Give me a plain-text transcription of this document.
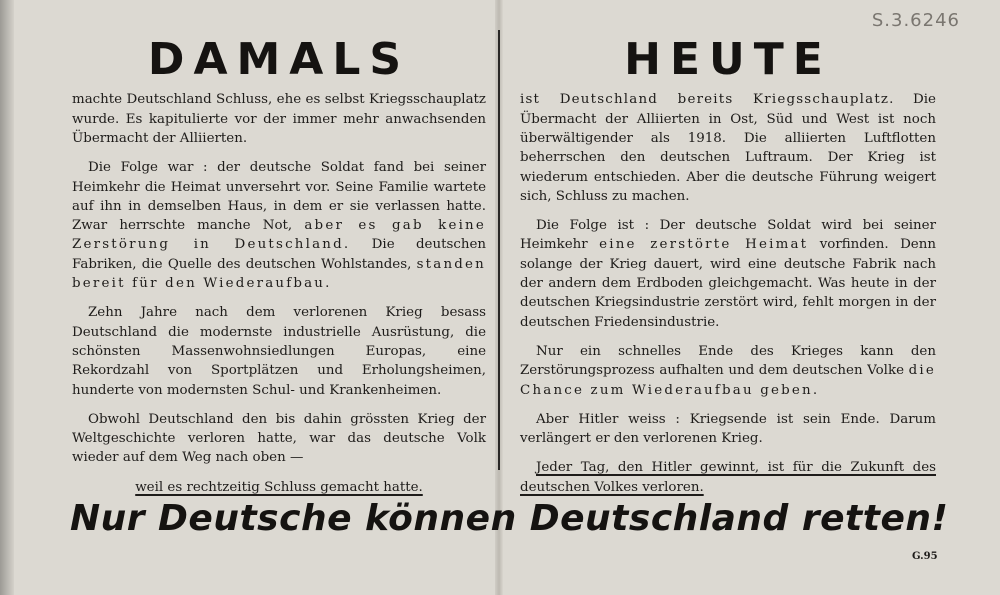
S.3.6246
DAMALS

machte Deutschland Schluss, ehe es selbst Kriegsschauplatz wurde. Es kapitulierte vor der immer mehr anwachsenden Übermacht der Alliierten.

Die Folge war : der deutsche Soldat fand bei seiner Heimkehr die Heimat unversehrt vor. Seine Familie wartete auf ihn in demselben Haus, in dem er sie verlassen hatte. Zwar herrschte manche Not, aber es gab keine Zerstörung in Deutschland. Die deutschen Fabriken, die Quelle des deutschen Wohlstandes, standen bereit für den Wiederaufbau.

Zehn Jahre nach dem verlorenen Krieg besass Deutschland die modernste industrielle Ausrüstung, die schönsten Massenwohnsiedlungen Europas, eine Rekordzahl von Sportplätzen und Erholungsheimen, hunderte von modernsten Schul- und Krankenheimen.

Obwohl Deutschland den bis dahin grössten Krieg der Weltgeschichte verloren hatte, war das deutsche Volk wieder auf dem Weg nach oben —

weil es rechtzeitig Schluss gemacht hatte.

HEUTE

ist Deutschland bereits Kriegsschauplatz. Die Übermacht der Alliierten in Ost, Süd und West ist noch überwältigender als 1918. Die alliierten Luftflotten beherrschen den deutschen Luftraum. Der Krieg ist wiederum entschieden. Aber die deutsche Führung weigert sich, Schluss zu machen.

Die Folge ist : Der deutsche Soldat wird bei seiner Heimkehr eine zerstörte Heimat vorfinden. Denn solange der Krieg dauert, wird eine deutsche Fabrik nach der andern dem Erdboden gleichgemacht. Was heute in der deutschen Kriegsindustrie zerstört wird, fehlt morgen in der deutschen Friedensindustrie.

Nur ein schnelles Ende des Krieges kann den Zerstörungsprozess aufhalten und dem deutschen Volke die Chance zum Wiederaufbau geben.

Aber Hitler weiss : Kriegsende ist sein Ende. Darum verlängert er den verlorenen Krieg.

Jeder Tag, den Hitler gewinnt, ist für die Zukunft des deutschen Volkes verloren.

Nur Deutsche können Deutschland retten!
G.95
